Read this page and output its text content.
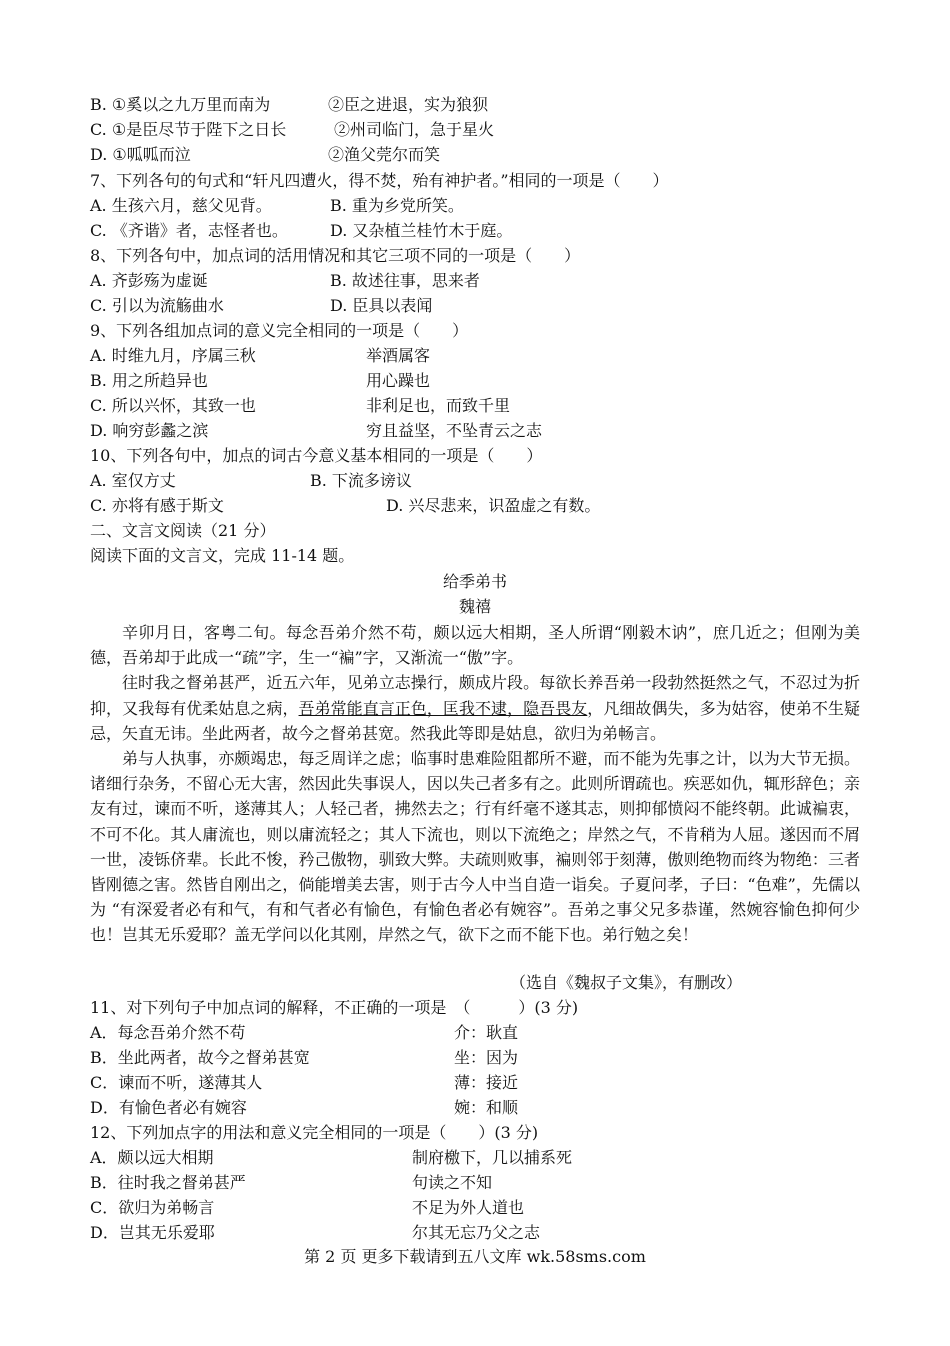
B. ①奚以之九万里而南为	②臣之进退，实为狼狈
C. ①是臣尽节于陛下之日长	②州司临门，急于星火
D. ①呱呱而泣	②渔父莞尔而笑
7、下列各句的句式和“轩凡四遭火，得不焚，殆有神护者。”相同的一项是（　　）
A. 生孩六月，慈父见背。	B. 重为乡党所笑。
C. 《齐谐》者，志怪者也。	D. 又杂植兰桂竹木于庭。
8、下列各句中，加点词的活用情况和其它三项不同的一项是（　　）
A. 齐彭殇为虚诞	B. 故述往事，思来者
C. 引以为流觞曲水	D. 臣具以表闻
9、下列各组加点词的意义完全相同的一项是（　　）
A. 时维九月，序属三秋	举酒属客
B. 用之所趋异也	用心躁也
C. 所以兴怀，其致一也	非利足也，而致千里
D. 响穷彭蠡之滨	穷且益坚，不坠青云之志
10、下列各句中，加点的词古今意义基本相同的一项是（　　）
A. 室仅方丈	B. 下流多谤议
C. 亦将有感于斯文	D. 兴尽悲来，识盈虚之有数。
二、文言文阅读（21 分）
阅读下面的文言文，完成 11-14 题。
给季弟书
魏禧

辛卯月日，客粤二旬。每念吾弟介然不苟，颇以远大相期，圣人所谓“刚毅木讷”，庶几近之；但刚为美德，吾弟却于此成一“疏”字，生一“褊”字，又渐流一“傲”字。

往时我之督弟甚严，近五六年，见弟立志操行，颇成片段。每欲长养吾弟一段勃然挺然之气，不忍过为折抑，又我每有优柔姑息之病，吾弟常能直言正色，匡我不逮，隐吾畏友，凡细故偶失，多为姑容，使弟不生疑忌，矢直无讳。坐此两者，故今之督弟甚宽。然我此等即是姑息，欲归为弟畅言。

弟与人执事，亦颇竭忠，每乏周详之虑；临事时患难险阻都所不避，而不能为先事之计，以为大节无损。诸细行杂务，不留心无大害，然因此失事误人，因以失己者多有之。此则所谓疏也。疾恶如仇，辄形辞色；亲友有过，谏而不听，遂薄其人；人轻己者，拂然去之；行有纤毫不遂其志，则抑郁愤闷不能终朝。此诚褊衷，不可不化。其人庸流也，则以庸流轻之；其人下流也，则以下流绝之；岸然之气，不肯稍为人屈。遂因而不屑一世，凌铄侪辈。长此不悛，矜己傲物，驯致大弊。夫疏则败事，褊则邻于刻薄，傲则绝物而终为物绝：三者皆刚德之害。然皆自刚出之，倘能增美去害，则于古今人中当自造一诣矣。子夏问孝，子曰：“色难”，先儒以为 “有深爱者必有和气，有和气者必有愉色，有愉色者必有婉容”。吾弟之事父兄多恭谨，然婉容愉色抑何少也！岂其无乐爱耶？盖无学问以化其刚，岸然之气，欲下之而不能下也。弟行勉之矣！

（选自《魏叔子文集》，有删改）
11、对下列句子中加点词的解释，不正确的一项是　（　　　）(3 分)
A．每念吾弟介然不苟	介：耿直
B．坐此两者，故今之督弟甚宽	坐：因为
C．谏而不听，遂薄其人	薄：接近
D．有愉色者必有婉容	婉：和顺
12、下列加点字的用法和意义完全相同的一项是（　　）(3 分)
A．颇以远大相期	制府檄下，几以捕系死
B．往时我之督弟甚严	句读之不知
C．欲归为弟畅言	不足为外人道也
D．岂其无乐爱耶	尔其无忘乃父之志
第 2 页 更多下载请到五八文库 wk.58sms.com
